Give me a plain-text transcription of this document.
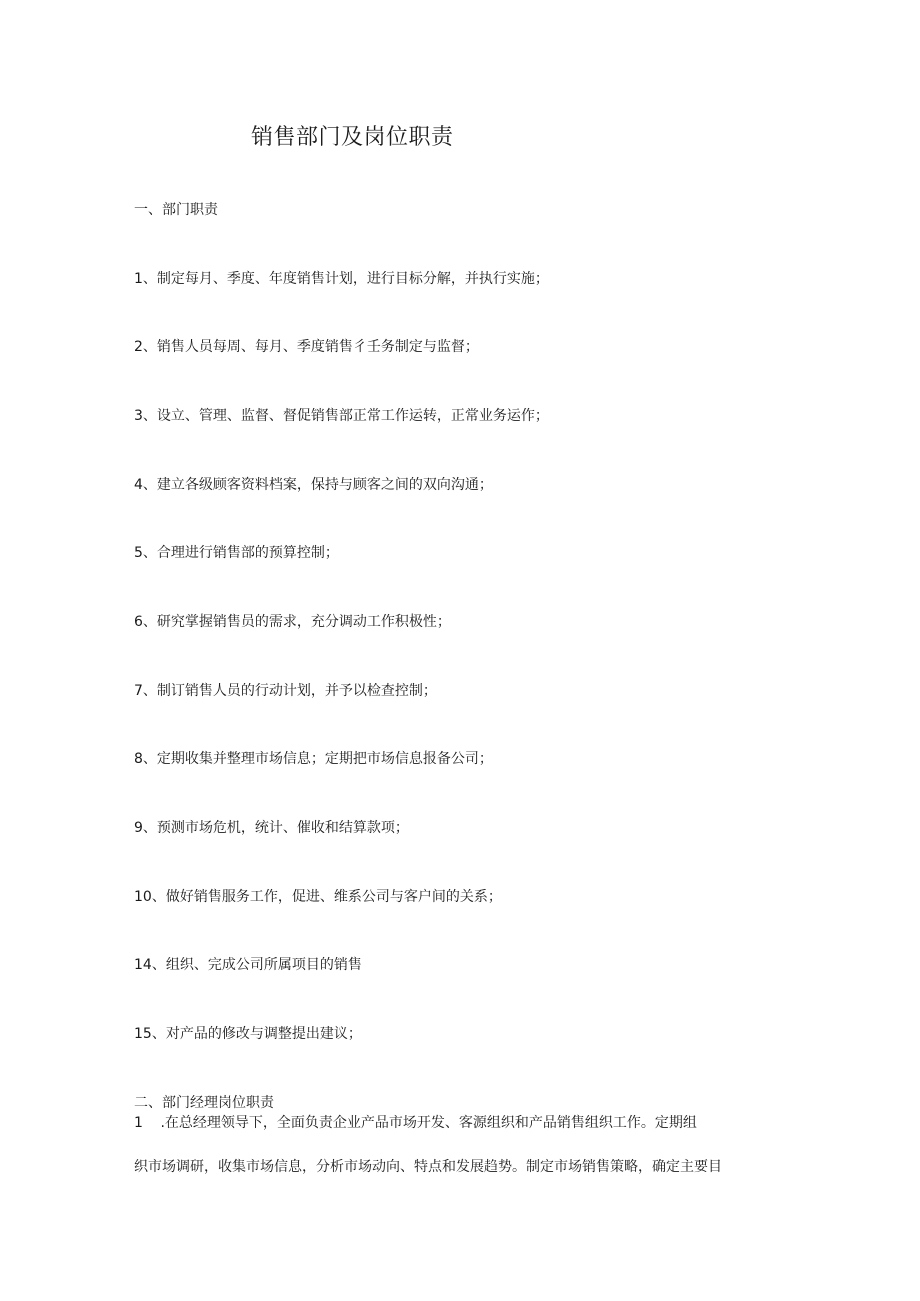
销售部门及岗位职责
一、部门职责
1、制定每月、季度、年度销售计划，进行目标分解，并执行实施；
2、销售人员每周、每月、季度销售彳壬务制定与监督；
3、设立、管理、监督、督促销售部正常工作运转，正常业务运作；
4、建立各级顾客资料档案，保持与顾客之间的双向沟通；
5、合理进行销售部的预算控制；
6、研究掌握销售员的需求，充分调动工作积极性；
7、制订销售人员的行动计划，并予以检查控制；
8、定期收集并整理市场信息；定期把市场信息报备公司；
9、预测市场危机，统计、催收和结算款项；
10、做好销售服务工作，促进、维系公司与客户间的关系；
14、组织、完成公司所属项目的销售
15、对产品的修改与调整提出建议；
二、部门经理岗位职责
1 .在总经理领导下，全面负责企业产品市场开发、客源组织和产品销售组织工作。定期组
织市场调研，收集市场信息，分析市场动向、特点和发展趋势。制定市场销售策略，确定主要目
